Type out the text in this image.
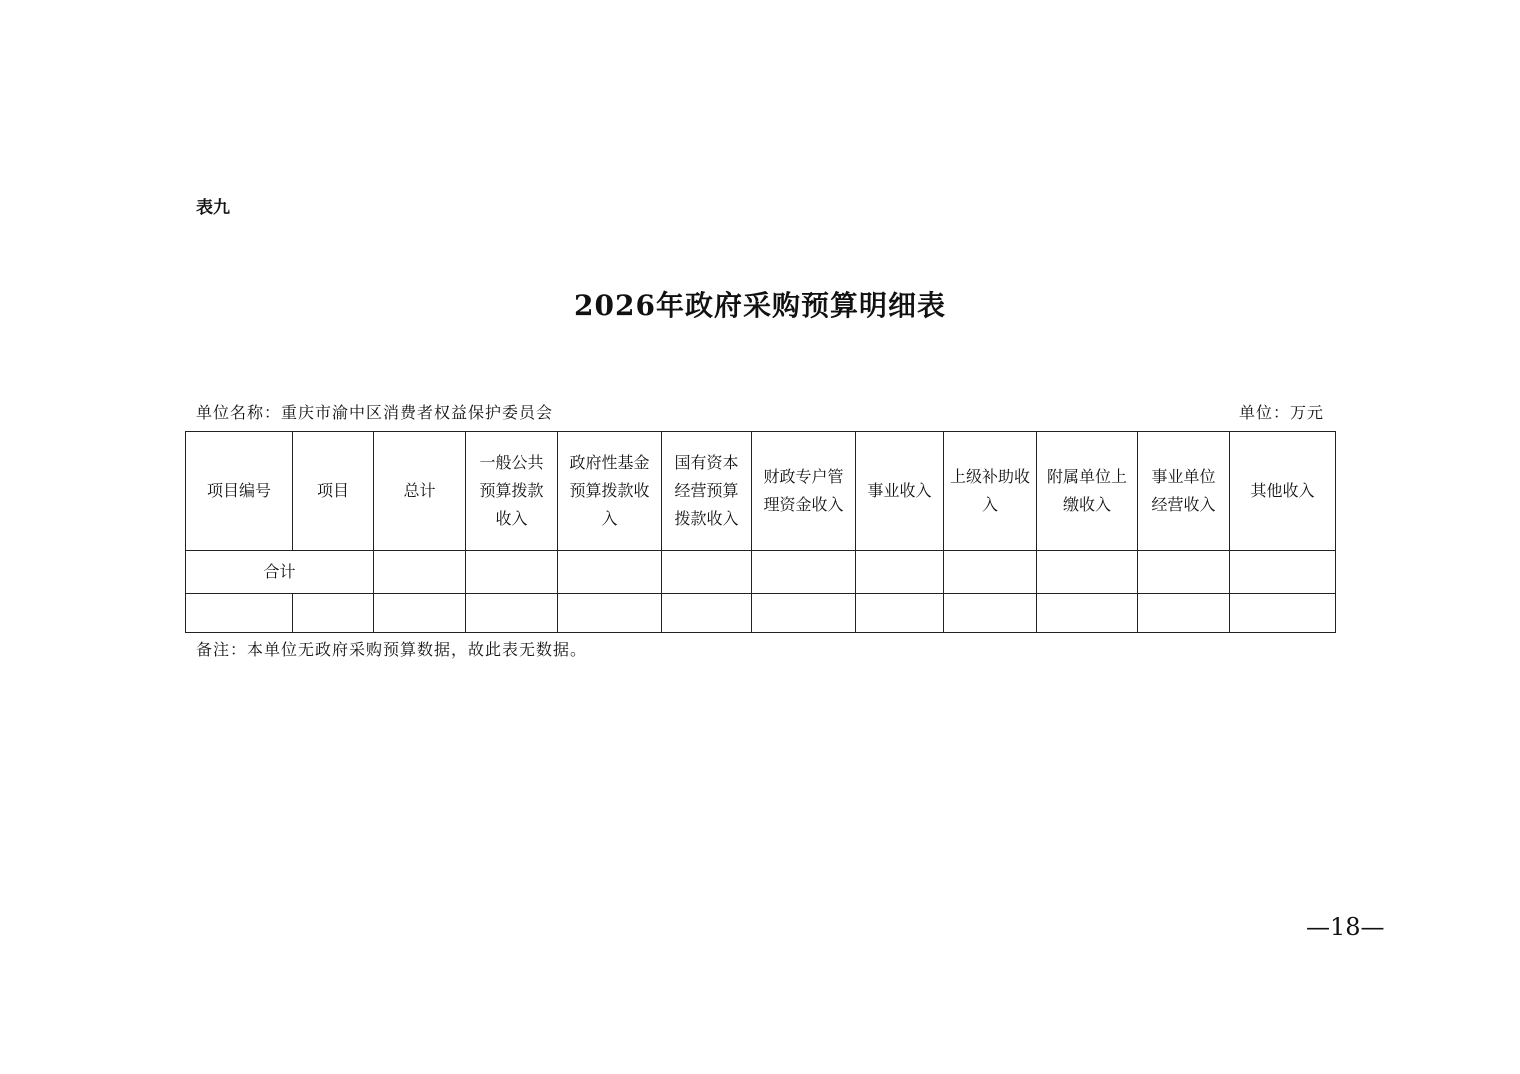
表九
2026年政府采购预算明细表
单位名称：重庆市渝中区消费者权益保护委员会	单位：万元
项目编号	项目	总计	一般公共预算拨款收入	政府性基金预算拨款收入	国有资本经营预算拨款收入	财政专户管理资金收入	事业收入	上级补助收入	附属单位上缴收入	事业单位经营收入	其他收入
合计											

备注：本单位无政府采购预算数据，故此表无数据。
—18—
